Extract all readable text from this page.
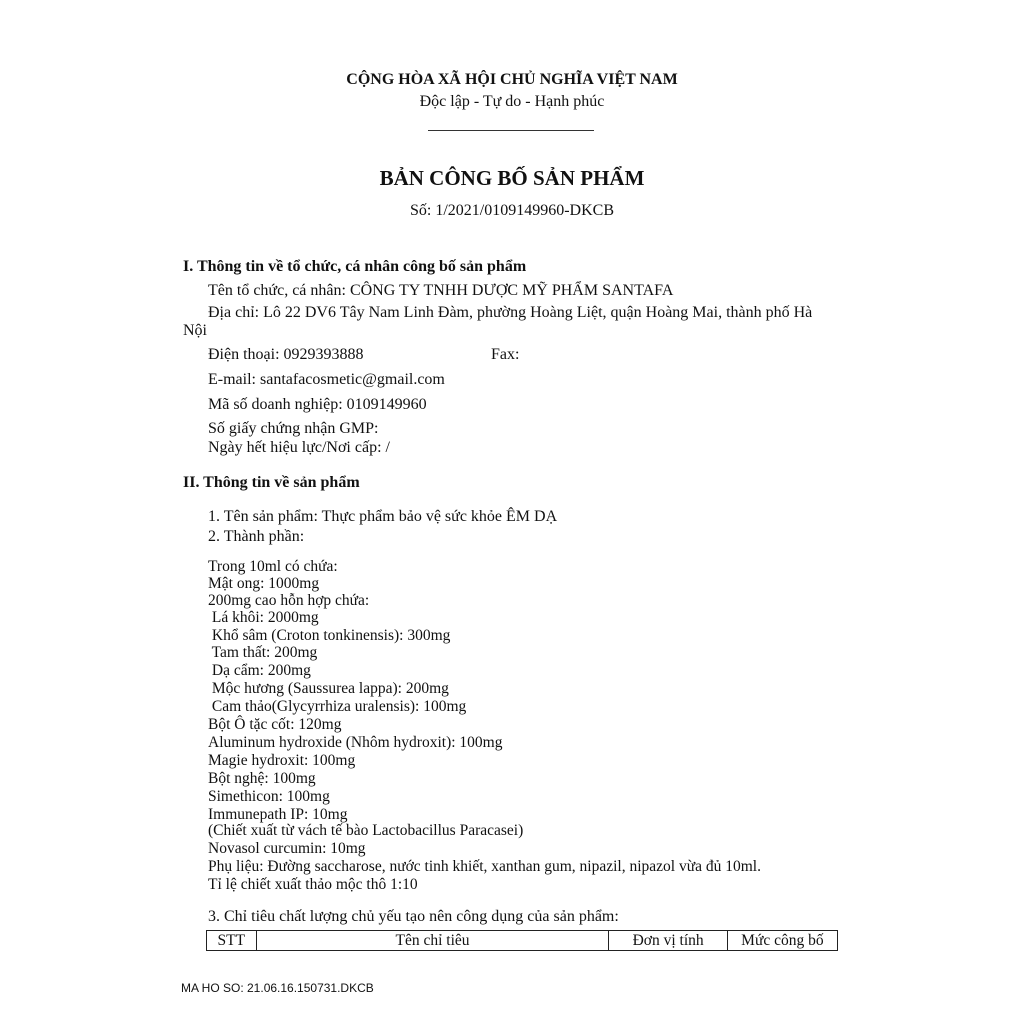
CỘNG HÒA XÃ HỘI CHỦ NGHĨA VIỆT NAM
Độc lập - Tự do - Hạnh phúc
BẢN CÔNG BỐ SẢN PHẨM
Số: 1/2021/0109149960-DKCB
I. Thông tin về tổ chức, cá nhân công bố sản phẩm
Tên tổ chức, cá nhân: CÔNG TY TNHH DƯỢC MỸ PHẨM SANTAFA
Địa chỉ: Lô 22 DV6 Tây Nam Linh Đàm, phường Hoàng Liệt, quận Hoàng Mai, thành phố Hà
Nội
Điện thoại: 0929393888	Fax:
E-mail: santafacosmetic@gmail.com
Mã số doanh nghiệp: 0109149960
Số giấy chứng nhận GMP:
Ngày hết hiệu lực/Nơi cấp: /
II. Thông tin về sản phẩm
1. Tên sản phẩm: Thực phẩm bảo vệ sức khỏe ÊM DẠ
2. Thành phần:
Trong 10ml có chứa:
Mật ong: 1000mg
200mg cao hỗn hợp chứa:
Lá khôi: 2000mg
Khổ sâm (Croton tonkinensis): 300mg
Tam thất: 200mg
Dạ cẩm: 200mg
Mộc hương (Saussurea lappa): 200mg
Cam thảo(Glycyrrhiza uralensis): 100mg
Bột Ô tặc cốt: 120mg
Aluminum hydroxide (Nhôm hydroxit): 100mg
Magie hydroxit: 100mg
Bột nghệ: 100mg
Simethicon: 100mg
Immunepath IP: 10mg
(Chiết xuất từ vách tế bào Lactobacillus Paracasei)
Novasol curcumin: 10mg
Phụ liệu: Đường saccharose, nước tinh khiết, xanthan gum, nipazil, nipazol vừa đủ 10ml.
Tỉ lệ chiết xuất thảo mộc thô 1:10
3. Chỉ tiêu chất lượng chủ yếu tạo nên công dụng của sản phẩm:
STT	Tên chỉ tiêu	Đơn vị tính	Mức công bố
MA HO SO: 21.06.16.150731.DKCB
